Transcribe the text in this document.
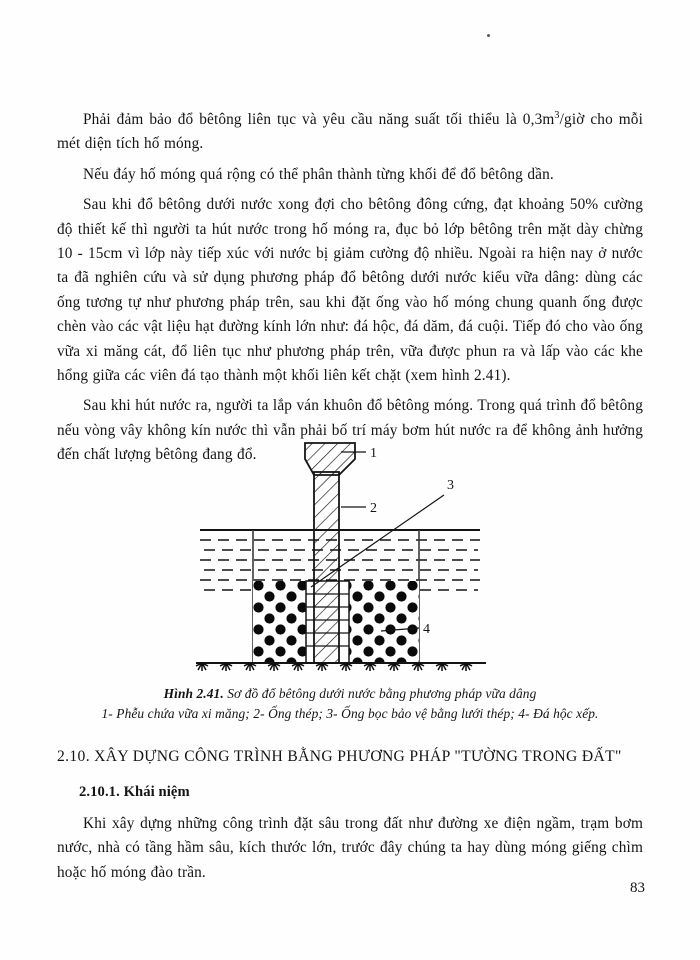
Phải đảm bảo đổ bêtông liên tục và yêu cầu năng suất tối thiểu là $0,3m^3$/giờ cho mỗi mét diện tích hố móng.

Nếu đáy hố móng quá rộng có thể phân thành từng khối để đổ bêtông dần.

Sau khi đổ bêtông dưới nước xong đợi cho bêtông đông cứng, đạt khoảng 50% cường độ thiết kế thì người ta hút nước trong hố móng ra, đục bỏ lớp bêtông trên mặt dày chừng 10 - 15cm vì lớp này tiếp xúc với nước bị giảm cường độ nhiều. Ngoài ra hiện nay ở nước ta đã nghiên cứu và sử dụng phương pháp đổ bêtông dưới nước kiểu vữa dâng: dùng các ống tương tự như phương pháp trên, sau khi đặt ống vào hố móng chung quanh ống được chèn vào các vật liệu hạt đường kính lớn như: đá hộc, đá dăm, đá cuội. Tiếp đó cho vào ống vữa xi măng cát, đổ liên tục như phương pháp trên, vữa được phun ra và lấp vào các khe hổng giữa các viên đá tạo thành một khối liên kết chặt (xem hình 2.41).

Sau khi hút nước ra, người ta lắp ván khuôn đổ bêtông móng. Trong quá trình đổ bêtông nếu vòng vây không kín nước thì vẫn phải bố trí máy bơm hút nước ra để không ảnh hưởng đến chất lượng bêtông đang đổ.	1
2
3
4
Hình 2.41. Sơ đồ đổ bêtông dưới nước bằng phương pháp vữa dâng
1- Phễu chứa vữa xi măng; 2- Ống thép; 3- Ống bọc bảo vệ bằng lưới thép; 4- Đá hộc xếp.
2.10. XÂY DỰNG CÔNG TRÌNH BẰNG PHƯƠNG PHÁP "TƯỜNG TRONG ĐẤT"
2.10.1. Khái niệm

Khi xây dựng những công trình đặt sâu trong đất như đường xe điện ngầm, trạm bơm nước, nhà có tầng hầm sâu, kích thước lớn, trước đây chúng ta hay dùng móng giếng chìm hoặc hố móng đào trần.

83
